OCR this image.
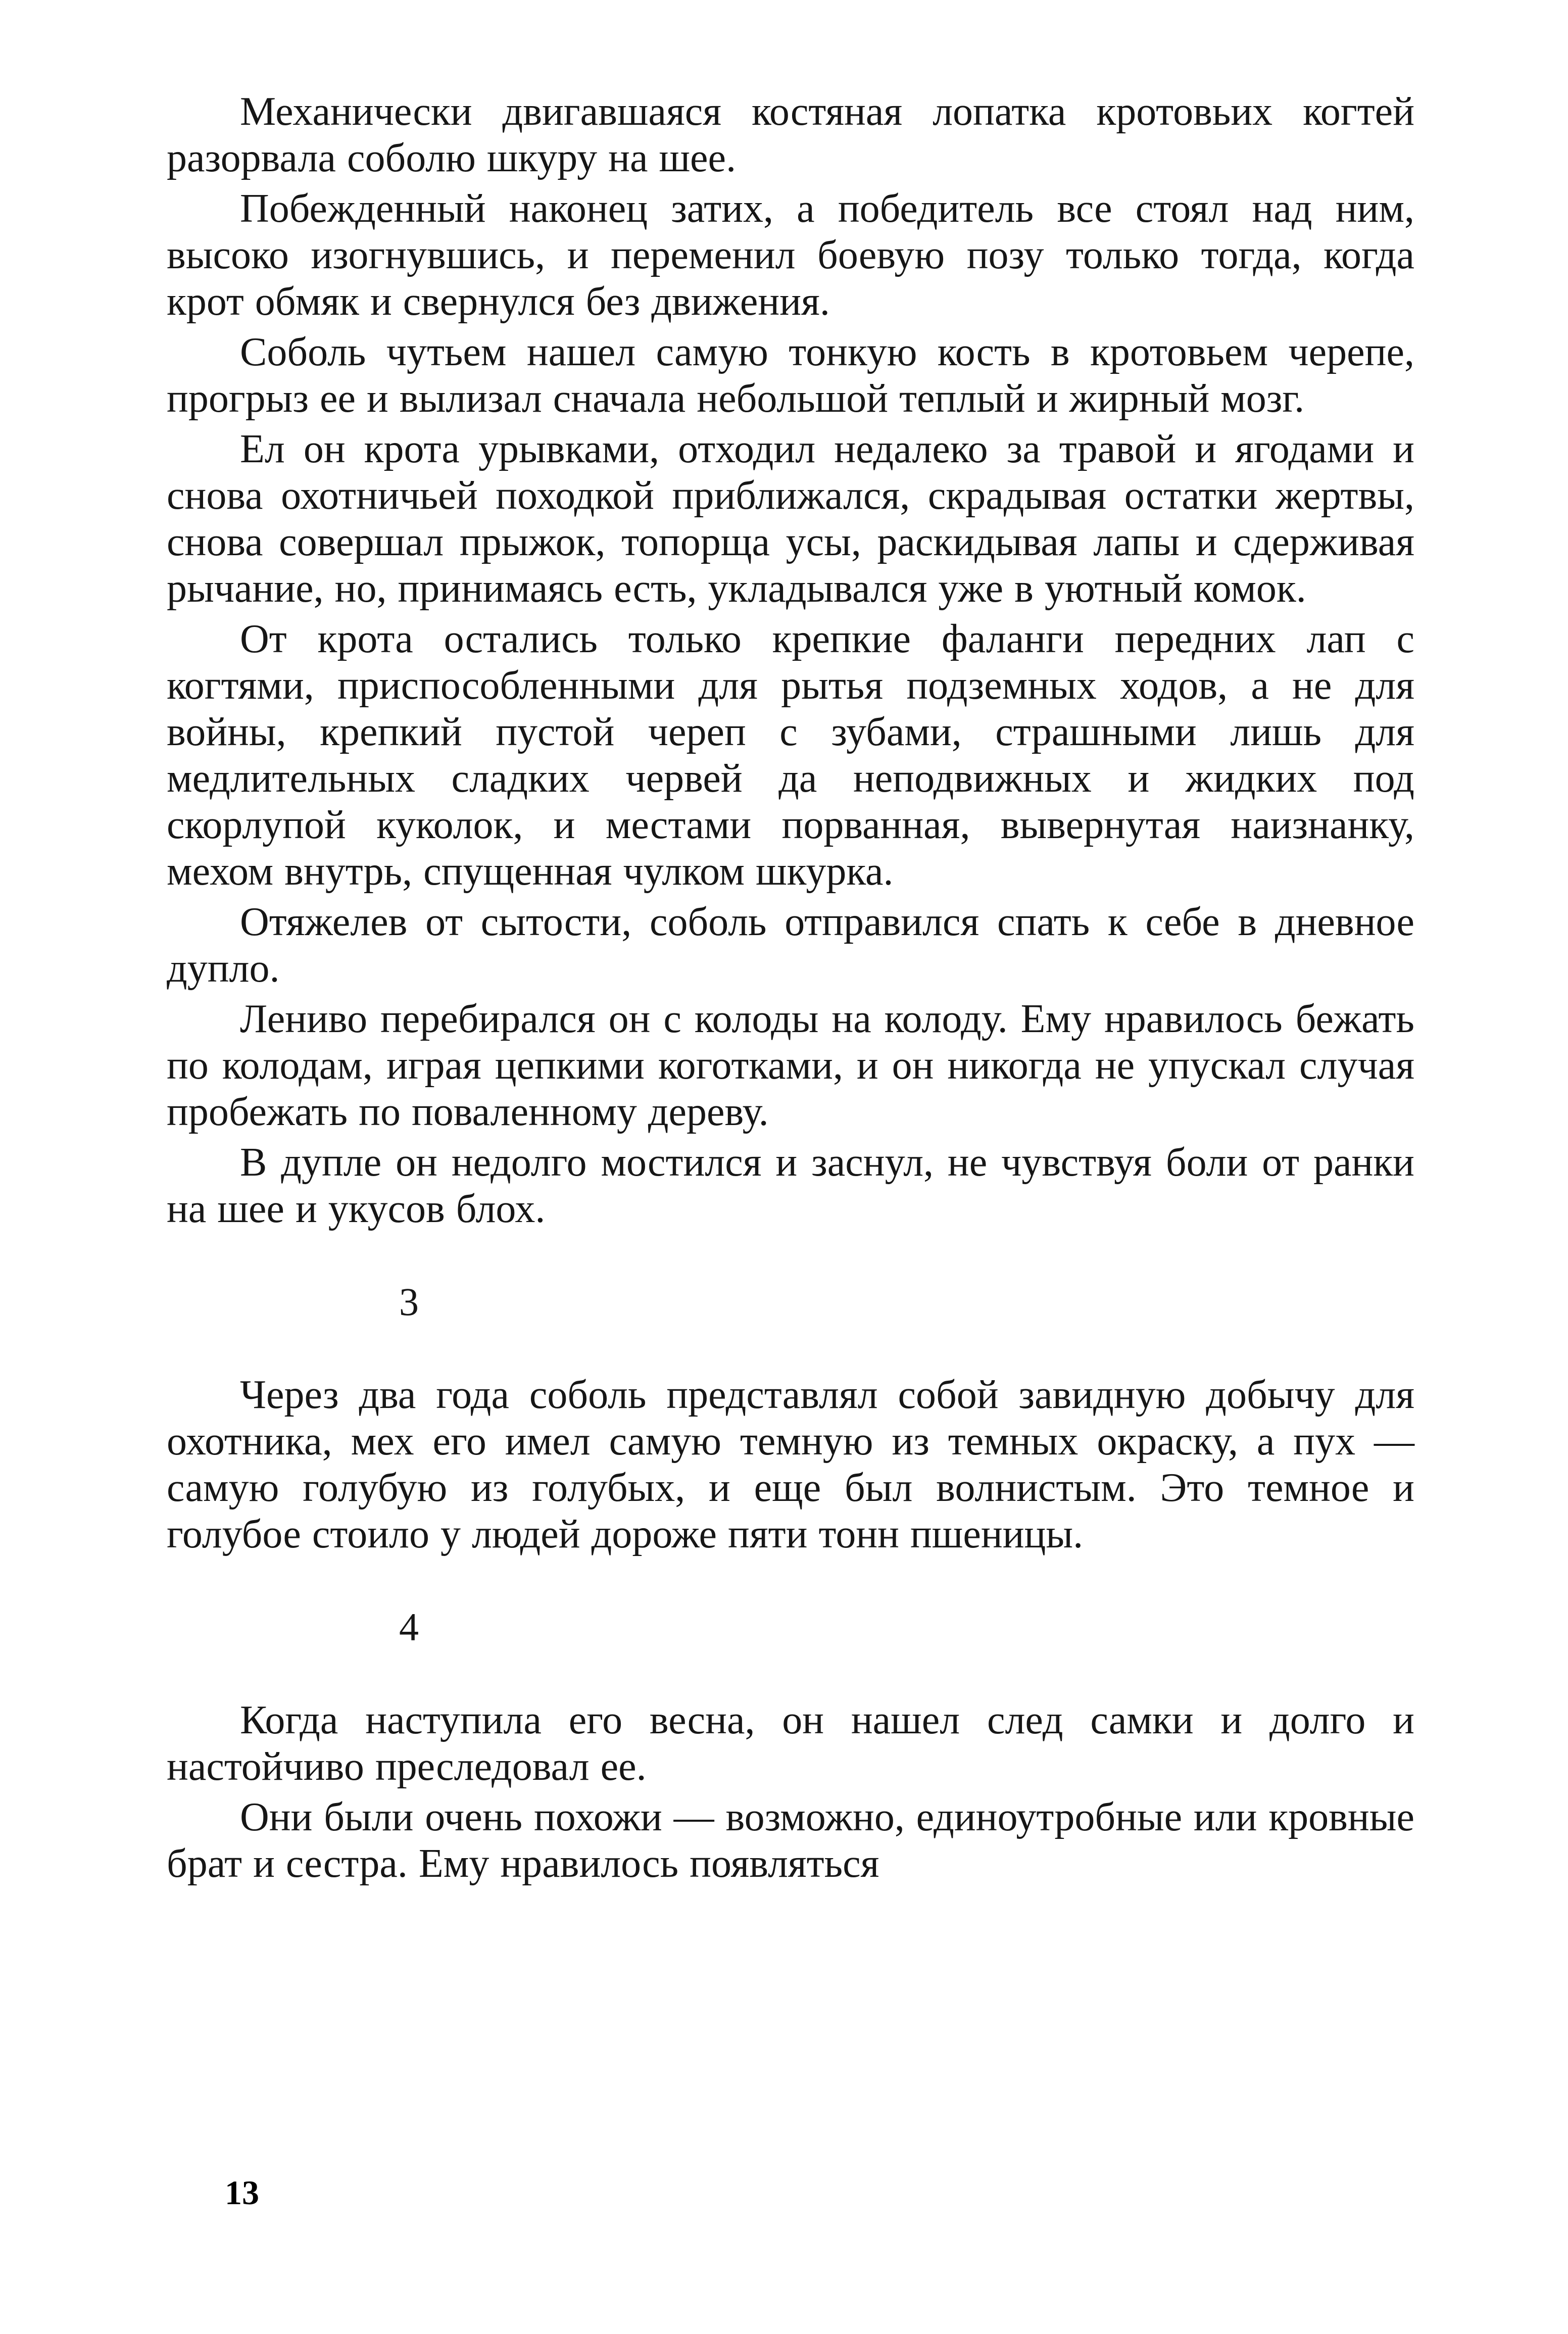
Механически двигавшаяся костяная лопатка кротовьих когтей разорвала соболю шкуру на шее.

Побежденный наконец затих, а победитель все стоял над ним, высоко изогнувшись, и переменил боевую позу только тогда, когда крот обмяк и свернулся без движения.

Соболь чутьем нашел самую тонкую кость в кротовьем черепе, прогрыз ее и вылизал сначала небольшой теплый и жирный мозг.

Ел он крота урывками, отходил недалеко за травой и ягодами и снова охотничьей походкой приближался, скрадывая остатки жертвы, снова совершал прыжок, топорща усы, раскидывая лапы и сдерживая рычание, но, принимаясь есть, укладывался уже в уютный комок.

От крота остались только крепкие фаланги передних лап с когтями, приспособленными для рытья подземных ходов, а не для войны, крепкий пустой череп с зубами, страшными лишь для медлительных сладких червей да неподвижных и жидких под скорлупой куколок, и местами порванная, вывернутая наизнанку, мехом внутрь, спущенная чулком шкурка.

Отяжелев от сытости, соболь отправился спать к себе в дневное дупло.

Лениво перебирался он с колоды на колоду. Ему нравилось бежать по колодам, играя цепкими коготками, и он никогда не упускал случая пробежать по поваленному дереву.

В дупле он недолго мостился и заснул, не чувствуя боли от ранки на шее и укусов блох.

3

Через два года соболь представлял собой завидную добычу для охотника, мех его имел самую темную из темных окраску, а пух — самую голубую из голубых, и еще был волнистым. Это темное и голубое стоило у людей дороже пяти тонн пшеницы.

4

Когда наступила его весна, он нашел след самки и долго и настойчиво преследовал ее.

Они были очень похожи — возможно, единоутробные или кровные брат и сестра. Ему нравилось появляться

13
